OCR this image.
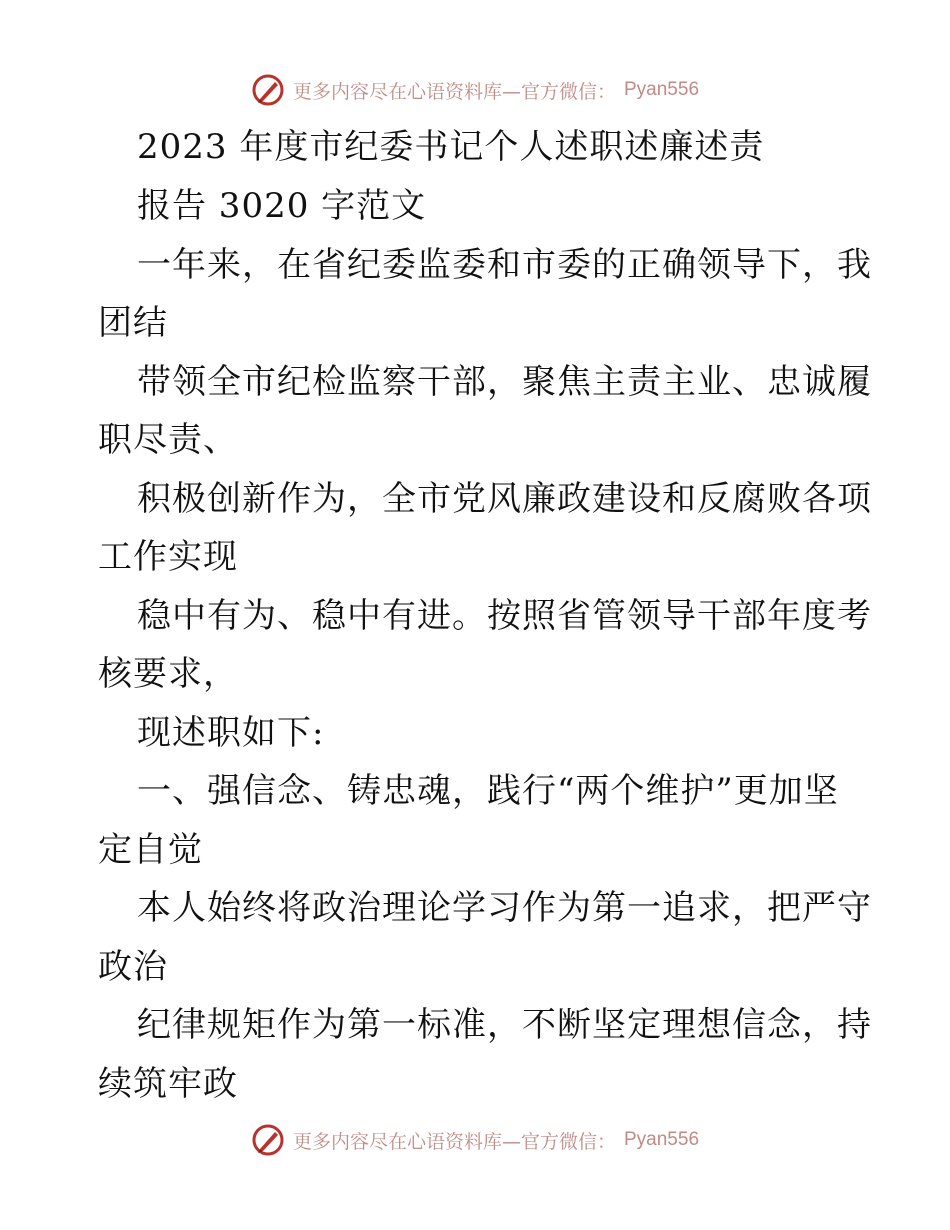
更多内容尽在心语资料库—官方微信： Pyan556
2023 年度市纪委书记个人述职述廉述责
报告 3020 字范文
一年来，在省纪委监委和市委的正确领导下，我
团结
带领全市纪检监察干部，聚焦主责主业、忠诚履
职尽责、
积极创新作为，全市党风廉政建设和反腐败各项
工作实现
稳中有为、稳中有进。按照省管领导干部年度考
核要求，
现述职如下:
一、强信念、铸忠魂，践行“两个维护”更加坚
定自觉
本人始终将政治理论学习作为第一追求，把严守
政治
纪律规矩作为第一标准，不断坚定理想信念，持
续筑牢政
更多内容尽在心语资料库—官方微信： Pyan556
